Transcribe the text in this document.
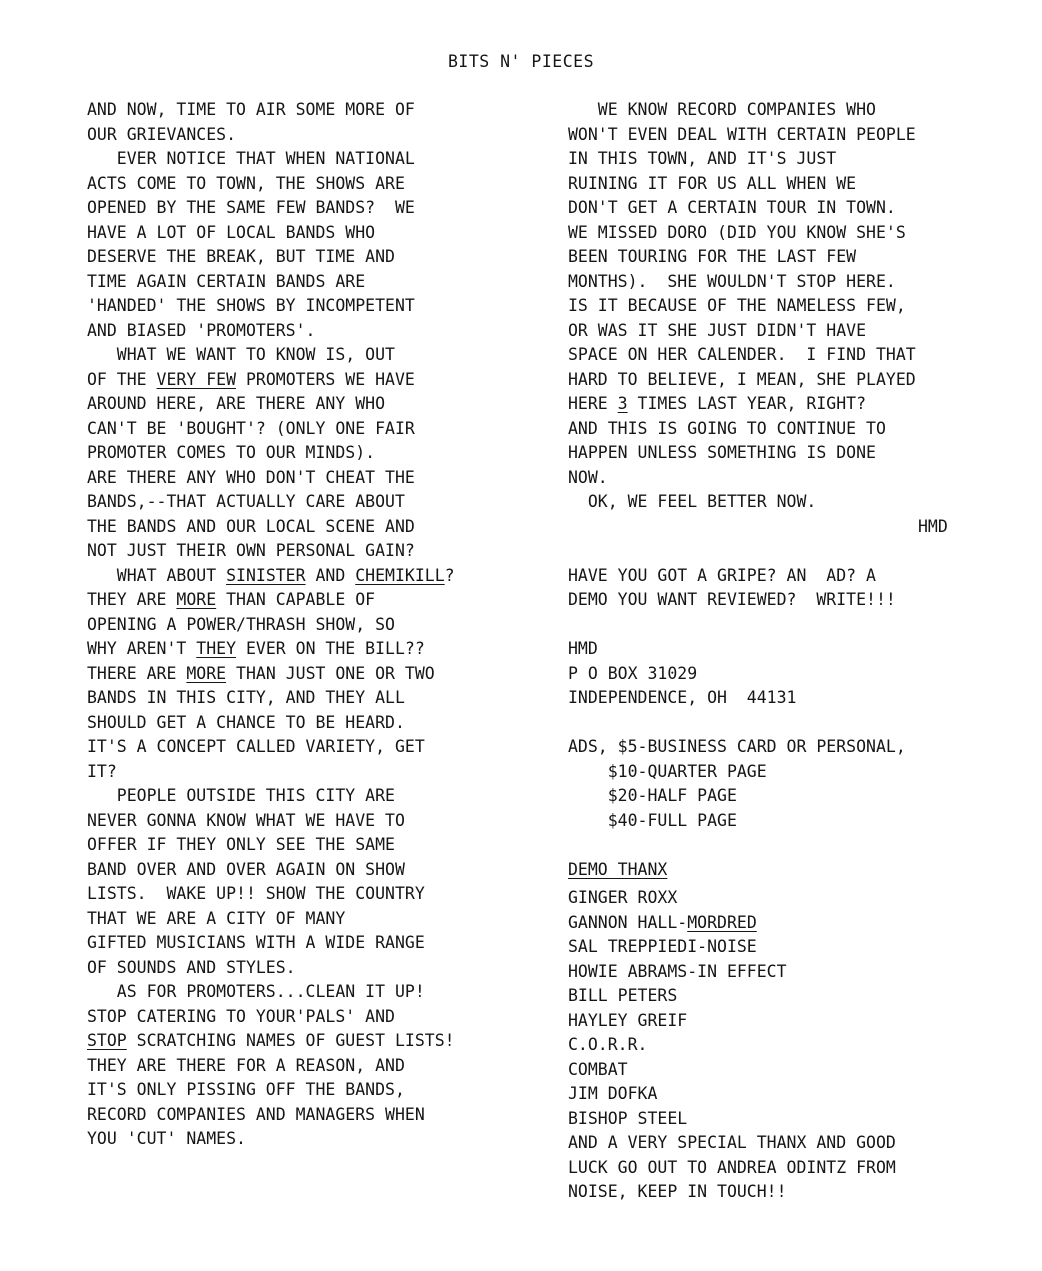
BITS N' PIECES
AND NOW, TIME TO AIR SOME MORE OF
OUR GRIEVANCES.
EVER NOTICE THAT WHEN NATIONAL
ACTS COME TO TOWN, THE SHOWS ARE
OPENED BY THE SAME FEW BANDS?  WE
HAVE A LOT OF LOCAL BANDS WHO
DESERVE THE BREAK, BUT TIME AND
TIME AGAIN CERTAIN BANDS ARE
'HANDED' THE SHOWS BY INCOMPETENT
AND BIASED 'PROMOTERS'.
WHAT WE WANT TO KNOW IS, OUT
OF THE VERY FEW PROMOTERS WE HAVE
AROUND HERE, ARE THERE ANY WHO
CAN'T BE 'BOUGHT'? (ONLY ONE FAIR
PROMOTER COMES TO OUR MINDS).
ARE THERE ANY WHO DON'T CHEAT THE
BANDS,--THAT ACTUALLY CARE ABOUT
THE BANDS AND OUR LOCAL SCENE AND
NOT JUST THEIR OWN PERSONAL GAIN?
WHAT ABOUT SINISTER AND CHEMIKILL?
THEY ARE MORE THAN CAPABLE OF
OPENING A POWER/THRASH SHOW, SO
WHY AREN'T THEY EVER ON THE BILL??
THERE ARE MORE THAN JUST ONE OR TWO
BANDS IN THIS CITY, AND THEY ALL
SHOULD GET A CHANCE TO BE HEARD.
IT'S A CONCEPT CALLED VARIETY, GET
IT?
PEOPLE OUTSIDE THIS CITY ARE
NEVER GONNA KNOW WHAT WE HAVE TO
OFFER IF THEY ONLY SEE THE SAME
BAND OVER AND OVER AGAIN ON SHOW
LISTS.  WAKE UP!! SHOW THE COUNTRY
THAT WE ARE A CITY OF MANY
GIFTED MUSICIANS WITH A WIDE RANGE
OF SOUNDS AND STYLES.
AS FOR PROMOTERS...CLEAN IT UP!
STOP CATERING TO YOUR'PALS' AND
STOP SCRATCHING NAMES OF GUEST LISTS!
THEY ARE THERE FOR A REASON, AND
IT'S ONLY PISSING OFF THE BANDS,
RECORD COMPANIES AND MANAGERS WHEN
YOU 'CUT' NAMES.
WE KNOW RECORD COMPANIES WHO
WON'T EVEN DEAL WITH CERTAIN PEOPLE
IN THIS TOWN, AND IT'S JUST
RUINING IT FOR US ALL WHEN WE
DON'T GET A CERTAIN TOUR IN TOWN.
WE MISSED DORO (DID YOU KNOW SHE'S
BEEN TOURING FOR THE LAST FEW
MONTHS).  SHE WOULDN'T STOP HERE.
IS IT BECAUSE OF THE NAMELESS FEW,
OR WAS IT SHE JUST DIDN'T HAVE
SPACE ON HER CALENDER.  I FIND THAT
HARD TO BELIEVE, I MEAN, SHE PLAYED
HERE 3 TIMES LAST YEAR, RIGHT?
AND THIS IS GOING TO CONTINUE TO
HAPPEN UNLESS SOMETHING IS DONE
NOW.
OK, WE FEEL BETTER NOW.
HMD
HAVE YOU GOT A GRIPE? AN  AD? A
DEMO YOU WANT REVIEWED?  WRITE!!!
HMD
P O BOX 31029
INDEPENDENCE, OH  44131
ADS, $5-BUSINESS CARD OR PERSONAL,
$10-QUARTER PAGE
$20-HALF PAGE
$40-FULL PAGE
DEMO THANX
GINGER ROXX
GANNON HALL-MORDRED
SAL TREPPIEDI-NOISE
HOWIE ABRAMS-IN EFFECT
BILL PETERS
HAYLEY GREIF
C.O.R.R.
COMBAT
JIM DOFKA
BISHOP STEEL
AND A VERY SPECIAL THANX AND GOOD
LUCK GO OUT TO ANDREA ODINTZ FROM
NOISE, KEEP IN TOUCH!!
